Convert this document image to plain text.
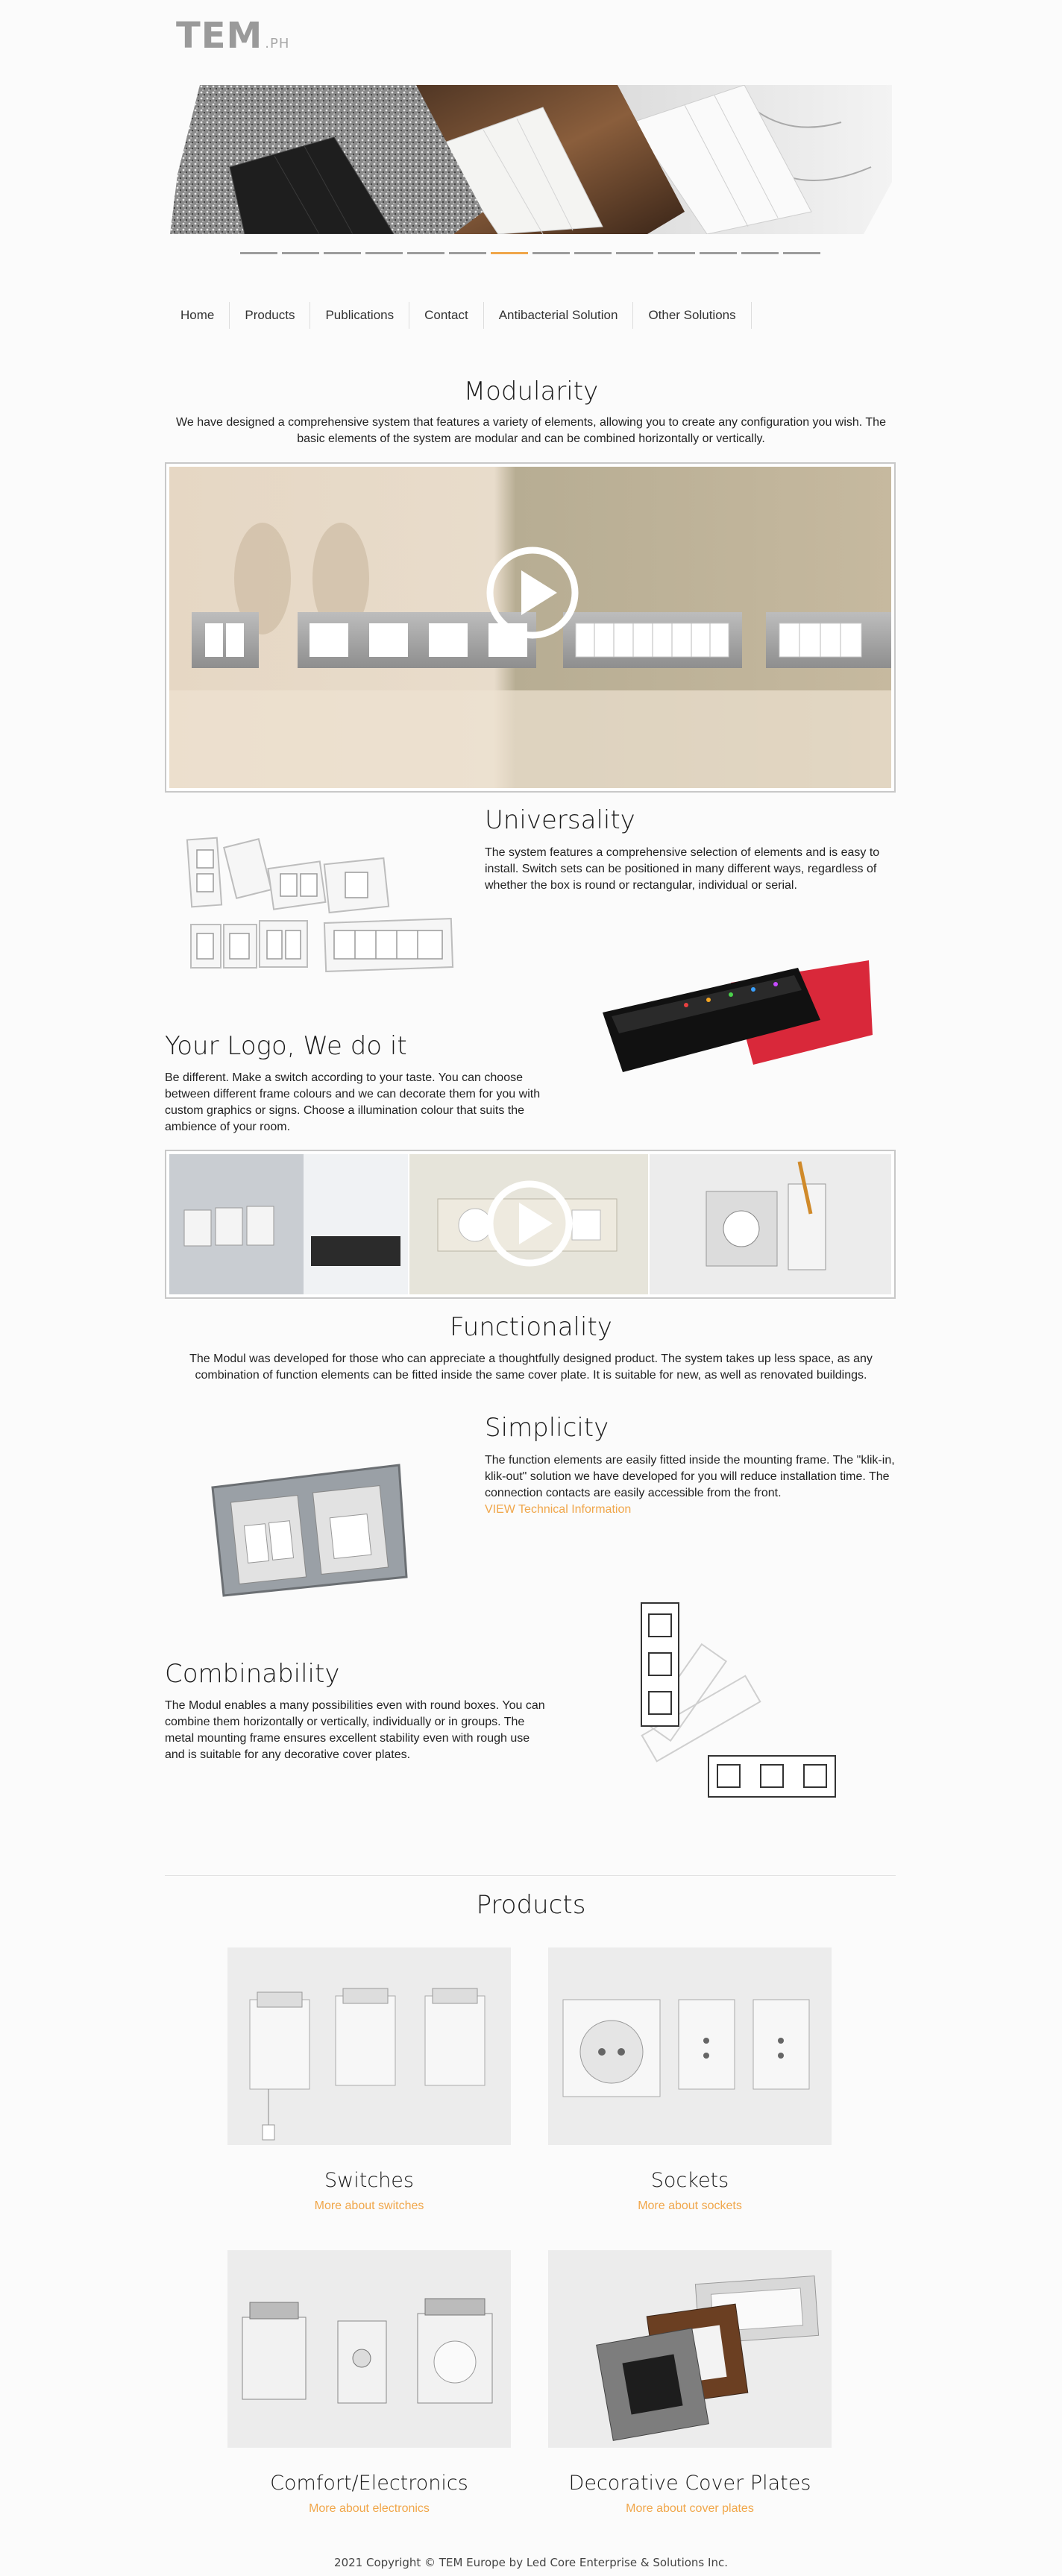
TEM .PH
Home	Products	Publications	Contact	Antibacterial Solution	Other Solutions
Modularity
We have designed a comprehensive system that features a variety of elements, allowing you to create any configuration you wish. The basic elements of the system are modular and can be combined horizontally or vertically.
Universality
The system features a comprehensive selection of elements and is easy to install. Switch sets can be positioned in many different ways, regardless of whether the box is round or rectangular, individual or serial.
Your Logo, We do it
Be different. Make a switch according to your taste. You can choose between different frame colours and we can decorate them for you with custom graphics or signs. Choose a illumination colour that suits the ambience of your room.
Functionality
The Modul was developed for those who can appreciate a thoughtfully designed product. The system takes up less space, as any combination of function elements can be fitted inside the same cover plate. It is suitable for new, as well as renovated buildings.
Simplicity
The function elements are easily fitted inside the mounting frame. The "klik-in, klik-out" solution we have developed for you will reduce installation time. The connection contacts are easily accessible from the front.
VIEW Technical Information
Combinability
The Modul enables a many possibilities even with round boxes. You can combine them horizontally or vertically, individually or in groups. The metal mounting frame ensures excellent stability even with rough use and is suitable for any decorative cover plates.
Products
Switches
More about switches
Sockets
More about sockets
Comfort/Electronics
More about electronics
Decorative Cover Plates
More about cover plates
2021 Copyright © TEM Europe by Led Core Enterprise & Solutions Inc.
